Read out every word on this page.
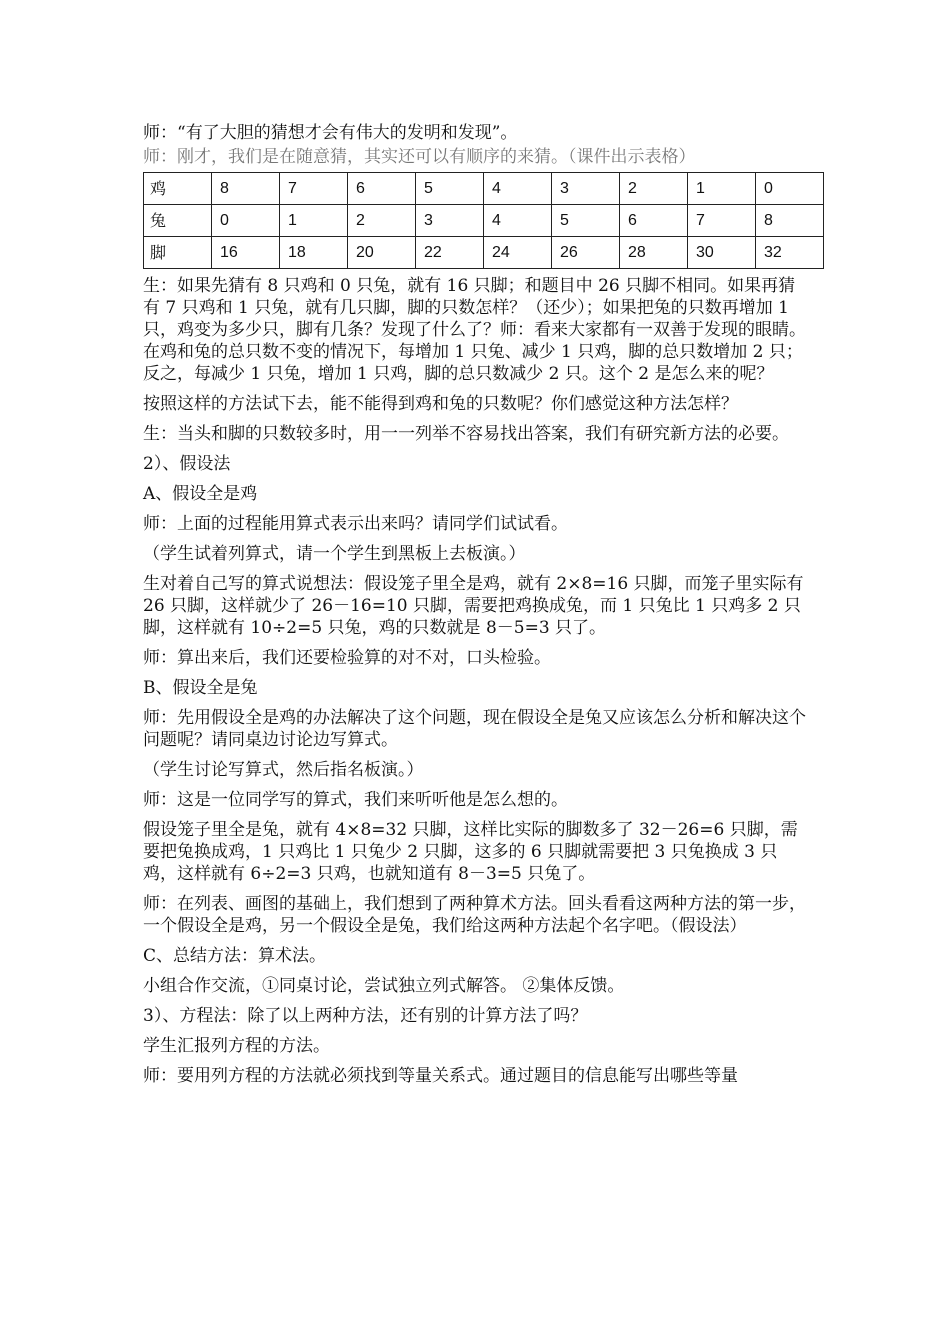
师：“有了大胆的猜想才会有伟大的发明和发现”。

师：刚才，我们是在随意猜，其实还可以有顺序的来猜。（课件出示表格）

鸡	8	7	6	5	4	3	2	1	0
兔	0	1	2	3	4	5	6	7	8
脚	16	18	20	22	24	26	28	30	32

生：如果先猜有 8 只鸡和 0 只兔，就有 16 只脚；和题目中 26 只脚不相同。如果再猜有 7 只鸡和 1 只兔，就有几只脚，脚的只数怎样？（还少）；如果把兔的只数再增加 1 只，鸡变为多少只，脚有几条？发现了什么了？师：看来大家都有一双善于发现的眼睛。在鸡和兔的总只数不变的情况下，每增加 1 只兔、减少 1 只鸡，脚的总只数增加 2 只；反之，每减少 1 只兔，增加 1 只鸡，脚的总只数减少 2 只。这个 2 是怎么来的呢？

按照这样的方法试下去，能不能得到鸡和兔的只数呢？你们感觉这种方法怎样？

生：当头和脚的只数较多时，用一一列举不容易找出答案，我们有研究新方法的必要。

2）、假设法

A、假设全是鸡

师：上面的过程能用算式表示出来吗？请同学们试试看。

（学生试着列算式，请一个学生到黑板上去板演。）

生对着自己写的算式说想法：假设笼子里全是鸡，就有 2×8=16 只脚，而笼子里实际有 26 只脚，这样就少了 26－16=10 只脚，需要把鸡换成兔，而 1 只兔比 1 只鸡多 2 只脚，这样就有 10÷2=5 只兔，鸡的只数就是 8－5=3 只了。

师：算出来后，我们还要检验算的对不对，口头检验。

B、假设全是兔

师：先用假设全是鸡的办法解决了这个问题，现在假设全是兔又应该怎么分析和解决这个问题呢？请同桌边讨论边写算式。

（学生讨论写算式，然后指名板演。）

师：这是一位同学写的算式，我们来听听他是怎么想的。

假设笼子里全是兔，就有 4×8=32 只脚，这样比实际的脚数多了 32－26=6 只脚，需要把兔换成鸡，1 只鸡比 1 只兔少 2 只脚，这多的 6 只脚就需要把 3 只兔换成 3 只鸡，这样就有 6÷2=3 只鸡，也就知道有 8－3=5 只兔了。

师：在列表、画图的基础上，我们想到了两种算术方法。回头看看这两种方法的第一步，一个假设全是鸡，另一个假设全是兔，我们给这两种方法起个名字吧。（假设法）

C、总结方法：算术法。

小组合作交流，①同桌讨论，尝试独立列式解答。 ②集体反馈。

3）、方程法：除了以上两种方法，还有别的计算方法了吗？

学生汇报列方程的方法。

师：要用列方程的方法就必须找到等量关系式。通过题目的信息能写出哪些等量
